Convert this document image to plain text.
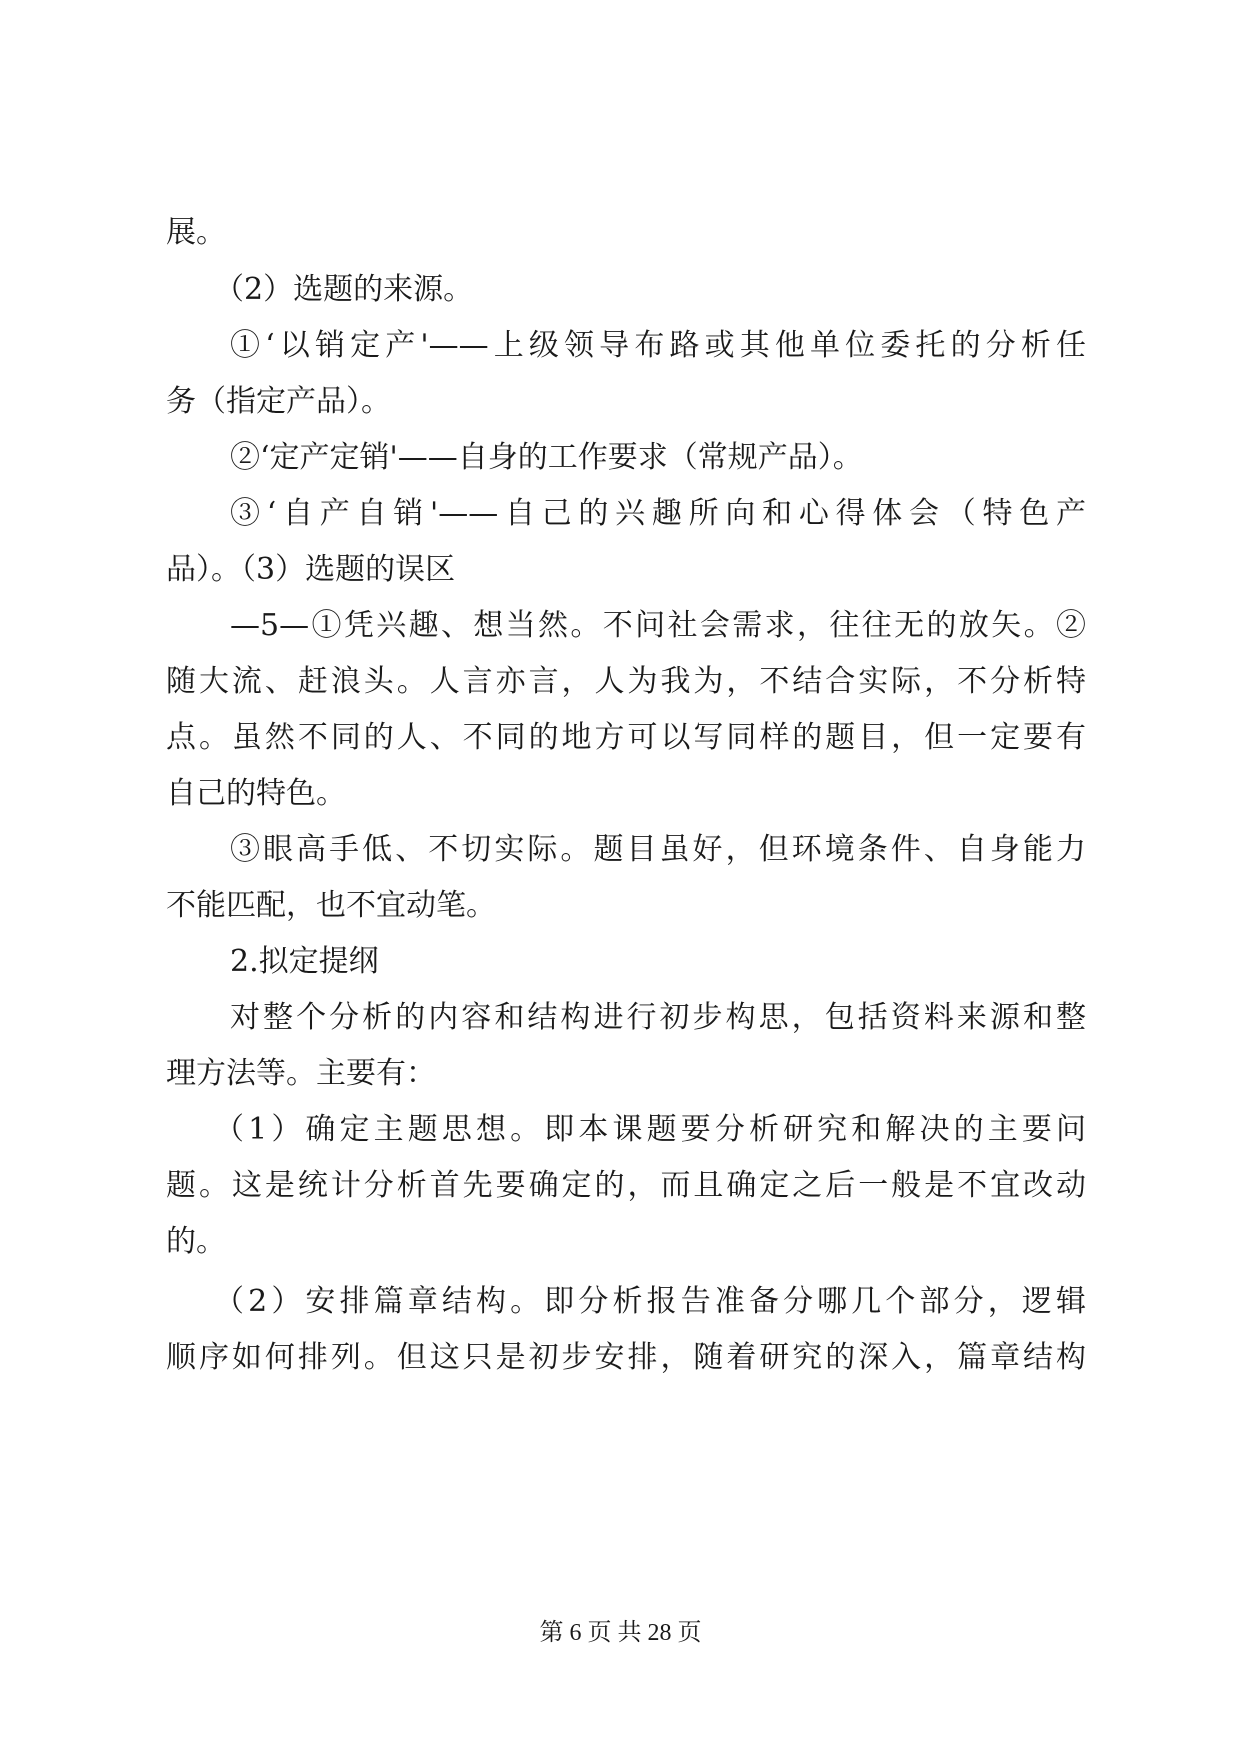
展。
（2）选题的来源。
①‘以销定产'——上级领导布路或其他单位委托的分析任
务（指定产品）。
②‘定产定销'——自身的工作要求（常规产品）。
③‘自产自销'——自己的兴趣所向和心得体会（特色产
品）。（3）选题的误区
—5—①凭兴趣、想当然。不问社会需求，往往无的放矢。②
随大流、赶浪头。人言亦言，人为我为，不结合实际，不分析特
点。虽然不同的人、不同的地方可以写同样的题目，但一定要有
自己的特色。
③眼高手低、不切实际。题目虽好，但环境条件、自身能力
不能匹配，也不宜动笔。
2.拟定提纲
对整个分析的内容和结构进行初步构思，包括资料来源和整
理方法等。主要有：
（1）确定主题思想。即本课题要分析研究和解决的主要问
题。这是统计分析首先要确定的，而且确定之后一般是不宜改动
的。
（2）安排篇章结构。即分析报告准备分哪几个部分，逻辑
顺序如何排列。但这只是初步安排，随着研究的深入，篇章结构
第 6 页 共 28 页
